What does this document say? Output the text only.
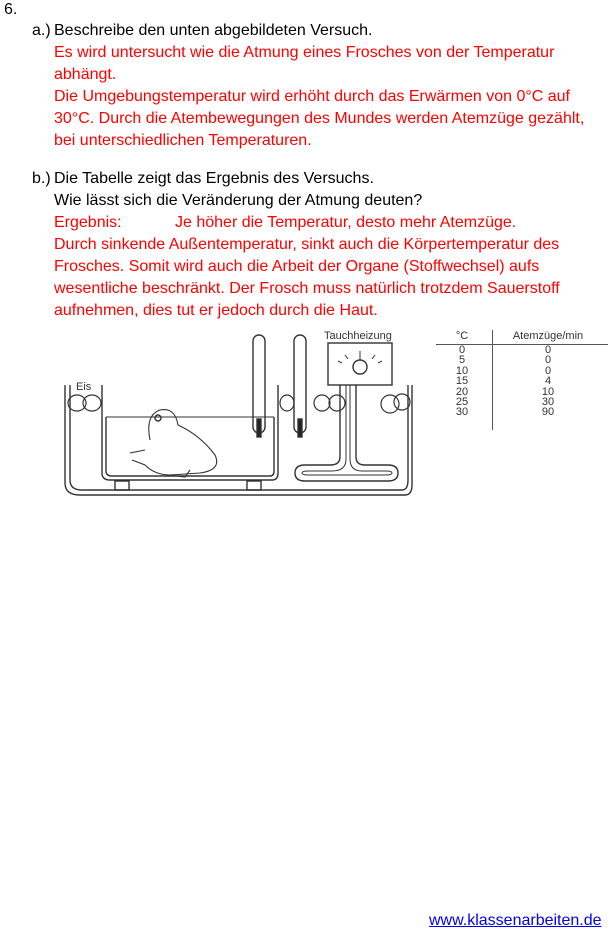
6.
a.) Beschreibe den unten abgebildeten Versuch.
Es wird untersucht wie die Atmung eines Frosches von der Temperatur
abhängt.
Die Umgebungstemperatur wird erhöht durch das Erwärmen von 0°C auf
30°C. Durch die Atembewegungen des Mundes werden Atemzüge gezählt,
bei unterschiedlichen Temperaturen.
b.) Die Tabelle zeigt das Ergebnis des Versuchs.
Wie lässt sich die Veränderung der Atmung deuten?
Ergebnis:	Je höher die Temperatur, desto mehr Atemzüge.
Durch sinkende Außentemperatur, sinkt auch die Körpertemperatur des
Frosches. Somit wird auch die Arbeit der Organe (Stoffwechsel) aufs
wesentliche beschränkt. Der Frosch muss natürlich trotzdem Sauerstoff
aufnehmen, dies tut er jedoch durch die Haut.
Eis
Tauchheizung	°C	Atemzüge/min
0	0
5	0
10	0
15	4
20	10
25	30
30	90
www.klassenarbeiten.de
